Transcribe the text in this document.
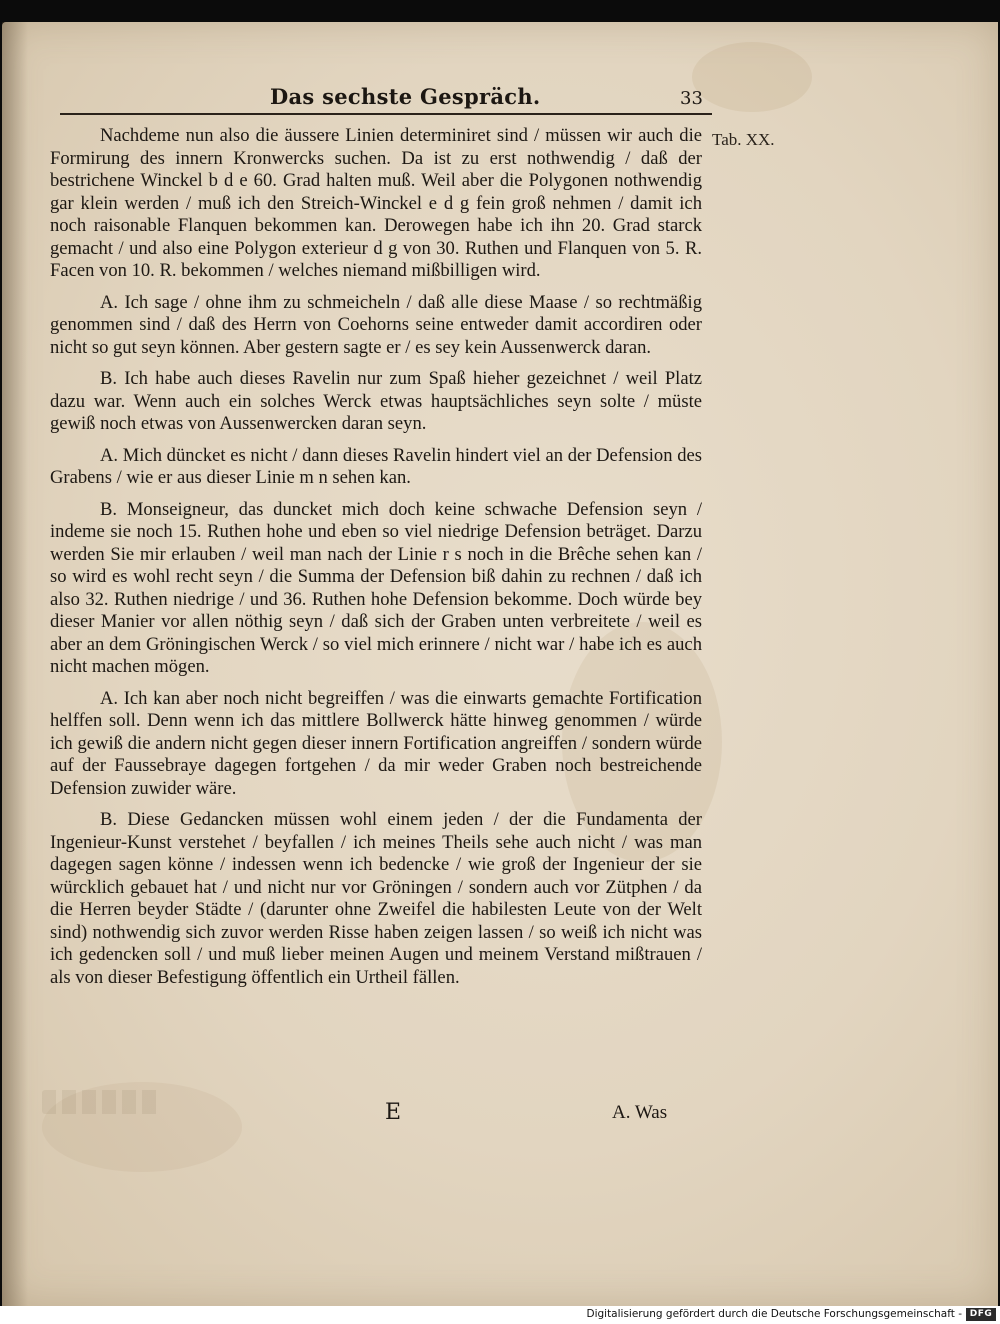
Das sechste Gespräch.	33
Tab. XX.

Nachdeme nun also die äussere Linien determiniret sind / müssen wir auch die Formirung des innern Kronwercks suchen. Da ist zu erst nothwendig / daß der bestrichene Winckel b d e 60. Grad halten muß. Weil aber die Polygonen nothwendig gar klein werden / muß ich den Streich-Winckel e d g fein groß nehmen / damit ich noch raisonable Flanquen bekommen kan. Derowegen habe ich ihn 20. Grad starck gemacht / und also eine Polygon exterieur d g von 30. Ruthen und Flanquen von 5. R. Facen von 10. R. bekommen / welches niemand mißbilligen wird.

A. Ich sage / ohne ihm zu schmeicheln / daß alle diese Maase / so rechtmäßig genommen sind / daß des Herrn von Coehorns seine entweder damit accordiren oder nicht so gut seyn können. Aber gestern sagte er / es sey kein Aussenwerck daran.

B. Ich habe auch dieses Ravelin nur zum Spaß hieher gezeichnet / weil Platz dazu war. Wenn auch ein solches Werck etwas hauptsächliches seyn solte / müste gewiß noch etwas von Aussenwercken daran seyn.

A. Mich düncket es nicht / dann dieses Ravelin hindert viel an der Defension des Grabens / wie er aus dieser Linie m n sehen kan.

B. Monseigneur, das duncket mich doch keine schwache Defension seyn / indeme sie noch 15. Ruthen hohe und eben so viel niedrige Defension beträget. Darzu werden Sie mir erlauben / weil man nach der Linie r s noch in die Brêche sehen kan / so wird es wohl recht seyn / die Summa der Defension biß dahin zu rechnen / daß ich also 32. Ruthen niedrige / und 36. Ruthen hohe Defension bekomme. Doch würde bey dieser Manier vor allen nöthig seyn / daß sich der Graben unten verbreitete / weil es aber an dem Gröningischen Werck / so viel mich erinnere / nicht war / habe ich es auch nicht machen mögen.

A. Ich kan aber noch nicht begreiffen / was die einwarts gemachte Fortification helffen soll. Denn wenn ich das mittlere Bollwerck hätte hinweg genommen / würde ich gewiß die andern nicht gegen dieser innern Fortification angreiffen / sondern würde auf der Faussebraye dagegen fortgehen / da mir weder Graben noch bestreichende Defension zuwider wäre.

B. Diese Gedancken müssen wohl einem jeden / der die Fundamenta der Ingenieur-Kunst verstehet / beyfallen / ich meines Theils sehe auch nicht / was man dagegen sagen könne / indessen wenn ich bedencke / wie groß der Ingenieur der sie würcklich gebauet hat / und nicht nur vor Gröningen / sondern auch vor Zütphen / da die Herren beyder Städte / (darunter ohne Zweifel die habilesten Leute von der Welt sind) nothwendig sich zuvor werden Risse haben zeigen lassen / so weiß ich nicht was ich gedencken soll / und muß lieber meinen Augen und meinem Verstand mißtrauen / als von dieser Befestigung öffentlich ein Urtheil fällen.

E	A. Was
Digitalisierung gefördert durch die Deutsche Forschungsgemeinschaft - DFG
